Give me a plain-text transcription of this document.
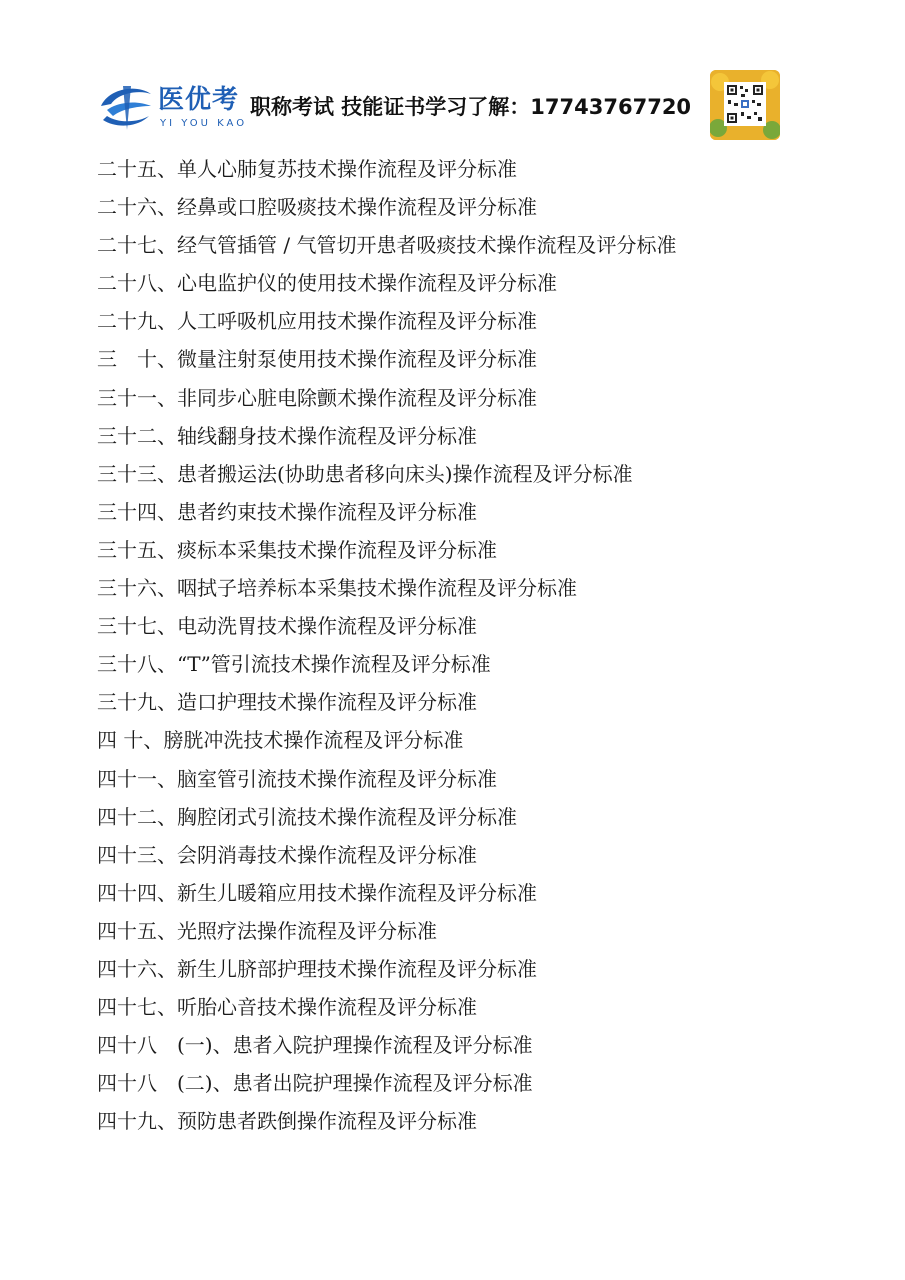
医优考
YI YOU KAO
职称考试 技能证书学习了解：17743767720
二十五、单人心肺复苏技术操作流程及评分标准
二十六、经鼻或口腔吸痰技术操作流程及评分标准
二十七、经气管插管 / 气管切开患者吸痰技术操作流程及评分标准
二十八、心电监护仪的使用技术操作流程及评分标准
二十九、人工呼吸机应用技术操作流程及评分标准
三　十、微量注射泵使用技术操作流程及评分标准
三十一、非同步心脏电除颤术操作流程及评分标准
三十二、轴线翻身技术操作流程及评分标准
三十三、患者搬运法(协助患者移向床头)操作流程及评分标准
三十四、患者约束技术操作流程及评分标准
三十五、痰标本采集技术操作流程及评分标准
三十六、咽拭子培养标本采集技术操作流程及评分标准
三十七、电动洗胃技术操作流程及评分标准
三十八、“T”管引流技术操作流程及评分标准
三十九、造口护理技术操作流程及评分标准
四 十、膀胱冲洗技术操作流程及评分标准
四十一、脑室管引流技术操作流程及评分标准
四十二、胸腔闭式引流技术操作流程及评分标准
四十三、会阴消毒技术操作流程及评分标准
四十四、新生儿暖箱应用技术操作流程及评分标准
四十五、光照疗法操作流程及评分标准
四十六、新生儿脐部护理技术操作流程及评分标准
四十七、听胎心音技术操作流程及评分标准
四十八　(一)、患者入院护理操作流程及评分标准
四十八　(二)、患者出院护理操作流程及评分标准
四十九、预防患者跌倒操作流程及评分标准
